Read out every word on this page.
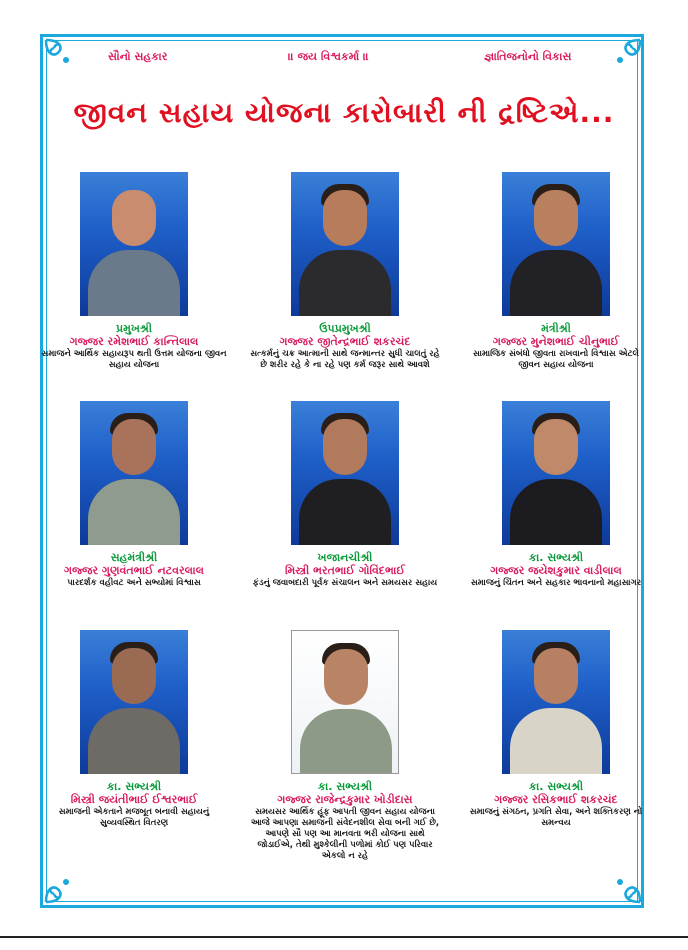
સૌનો સહકાર	॥ જય વિશ્વકર્મા ॥	જ્ઞાતિજનોનો વિકાસ
જીવન સહાય યોજના કારોબારી ની દ્રષ્ટિએ...
પ્રમુખશ્રી
ગજ્જર રમેશભાઈ કાન્તિલાલ
સમાજને આર્થિક સહાયરૂપ થતી ઉત્તમ યોજના જીવન સહાય યોજના
ઉપપ્રમુખશ્રી
ગજ્જર જીતેન્દ્રભાઈ શકરચંદ
સત્કર્મનું ચક્ર આત્માની સાથે જન્માન્તર સુધી ચાલતું રહે છે શરીર રહે કે ના રહે પણ કર્મ જરૂર સાથે આવશે
મંત્રીશ્રી
ગજ્જર મુનેશભાઈ ચીનુભાઈ
સામાજિક સંબંધો જીવતા રાખવાનો વિશ્વાસ એટલે જીવન સહાય યોજના
સહમંત્રીશ્રી
ગજ્જર ગુણવંતભાઈ નટવરલાલ
પારદર્શક વહીવટ અને સભ્યોમાં વિશ્વાસ
ખજાનચીશ્રી
મિસ્ત્રી ભરતભાઈ ગોવિંદભાઈ
ફંડનું જવાબદારી પૂર્વક સંચાલન અને સમયસર સહાય
કા. સભ્યશ્રી
ગજ્જર જયેશકુમાર વાડીલાલ
સમાજનું ચિંતન અને સહકાર ભાવનાનો મહાસાગર
કા. સભ્યશ્રી
મિસ્ત્રી જયંતીભાઈ ઈશ્વરભાઈ
સમાજની એકતાને મજબૂત બનાવી સહાયનું સુવ્યવસ્થિત વિતરણ
કા. સભ્યશ્રી
ગજ્જર રાજેન્દ્રકુમાર ખોડીદાસ
સમયસર આર્થિક હૂંફ આપતી જીવન સહાય યોજના આજે આપણા સમાજની સંવેદનશીલ સેવા બની ગઈ છે, આપણે સૌ પણ આ માનવતા ભરી યોજના સાથે જોડાઈએ, તેથી મુશ્કેલીની પળોમાં કોઈ પણ પરિવાર એકલો ન રહે
કા. સભ્યશ્રી
ગજ્જર રસિકભાઈ શકરચંદ
સમાજનું સંગઠન, પ્રગતિ સેવા, અને શક્તિકરણ નો સમન્વય
